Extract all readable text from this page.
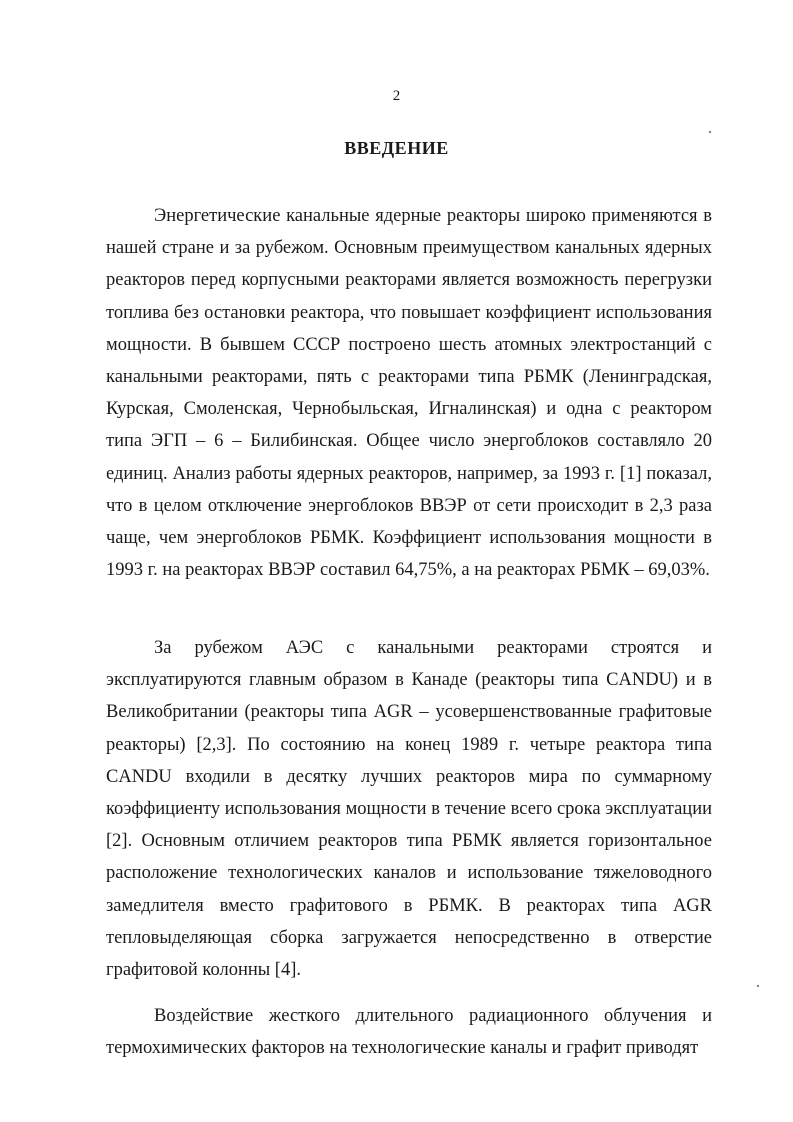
2
ВВЕДЕНИЕ

Энергетические канальные ядерные реакторы широко применяются в нашей стране и за рубежом. Основным преимуществом канальных ядерных реакторов перед корпусными реакторами является возможность перегрузки топлива без остановки реактора, что повышает коэффициент использования мощности. В бывшем СССР построено шесть атомных электростанций с канальными реакторами, пять с реакторами типа РБМК (Ленинградская, Курская, Смоленская, Чернобыльская, Игналинская) и одна с реактором типа ЭГП – 6 – Билибинская. Общее число энергоблоков составляло 20 единиц. Анализ работы ядерных реакторов, например, за 1993 г. [1] показал, что в целом отключение энергоблоков ВВЭР от сети происходит в 2,3 раза чаще, чем энергоблоков РБМК. Коэффициент использования мощности в 1993 г. на реакторах ВВЭР составил 64,75%, а на реакторах РБМК – 69,03%.

За рубежом АЭС с канальными реакторами строятся и эксплуатируются главным образом в Канаде (реакторы типа CANDU) и в Великобритании (реакторы типа AGR – усовершенствованные графитовые реакторы) [2,3]. По состоянию на конец 1989 г. четыре реактора типа CANDU входили в десятку лучших реакторов мира по суммарному коэффициенту использования мощности в течение всего срока эксплуатации [2]. Основным отличием реакторов типа РБМК является горизонтальное расположение технологических каналов и использование тяжеловодного замедлителя вместо графитового в РБМК. В реакторах типа AGR тепловыделяющая сборка загружается непосредственно в отверстие графитовой колонны [4].

Воздействие жесткого длительного радиационного облучения и термохимических факторов на технологические каналы и графит приводят
